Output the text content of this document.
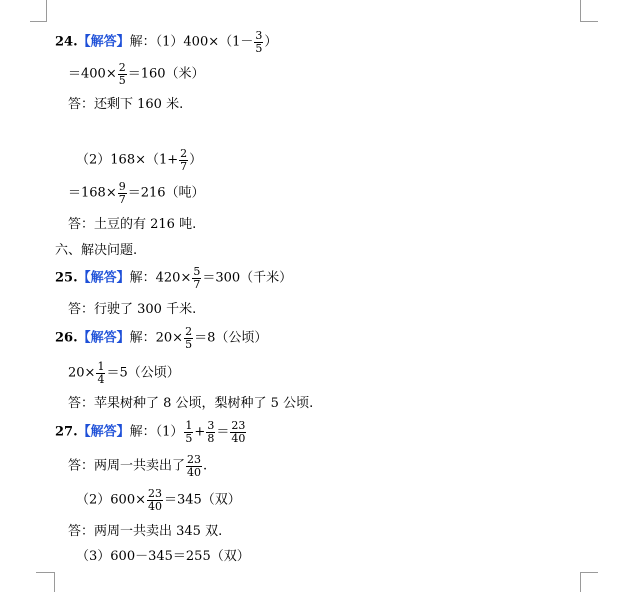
24.【解答】解：$(1)400\times(1- \frac{3}{5}$ ）
$=400\times \frac{2}{5} =160$（米）
答：还剩下 160 米.
$(2)168\times(1+ \frac{2}{7}$ ）
$=168\times \frac{9}{7} =216$（吨）
答：土豆的有 216 吨.
六、解决问题.
25.【解答】解：$420\times \frac{5}{7} =300$（千米）
答：行驶了 300 千米.
26.【解答】解：$20\times \frac{2}{5} =8$（公顷）
$20\times \frac{1}{4} =5$（公顷）
答：苹果树种了 8 公顷，梨树种了 5 公顷.
27.【解答】解：$(1) \frac{1}{5} + \frac{3}{8} = \frac{23}{40}$
答：两周一共卖出了 $\frac{23}{40}$ .
$(2)600\times \frac{23}{40} =345$（双）
答：两周一共卖出 345 双.
（3）600－345＝255（双）
